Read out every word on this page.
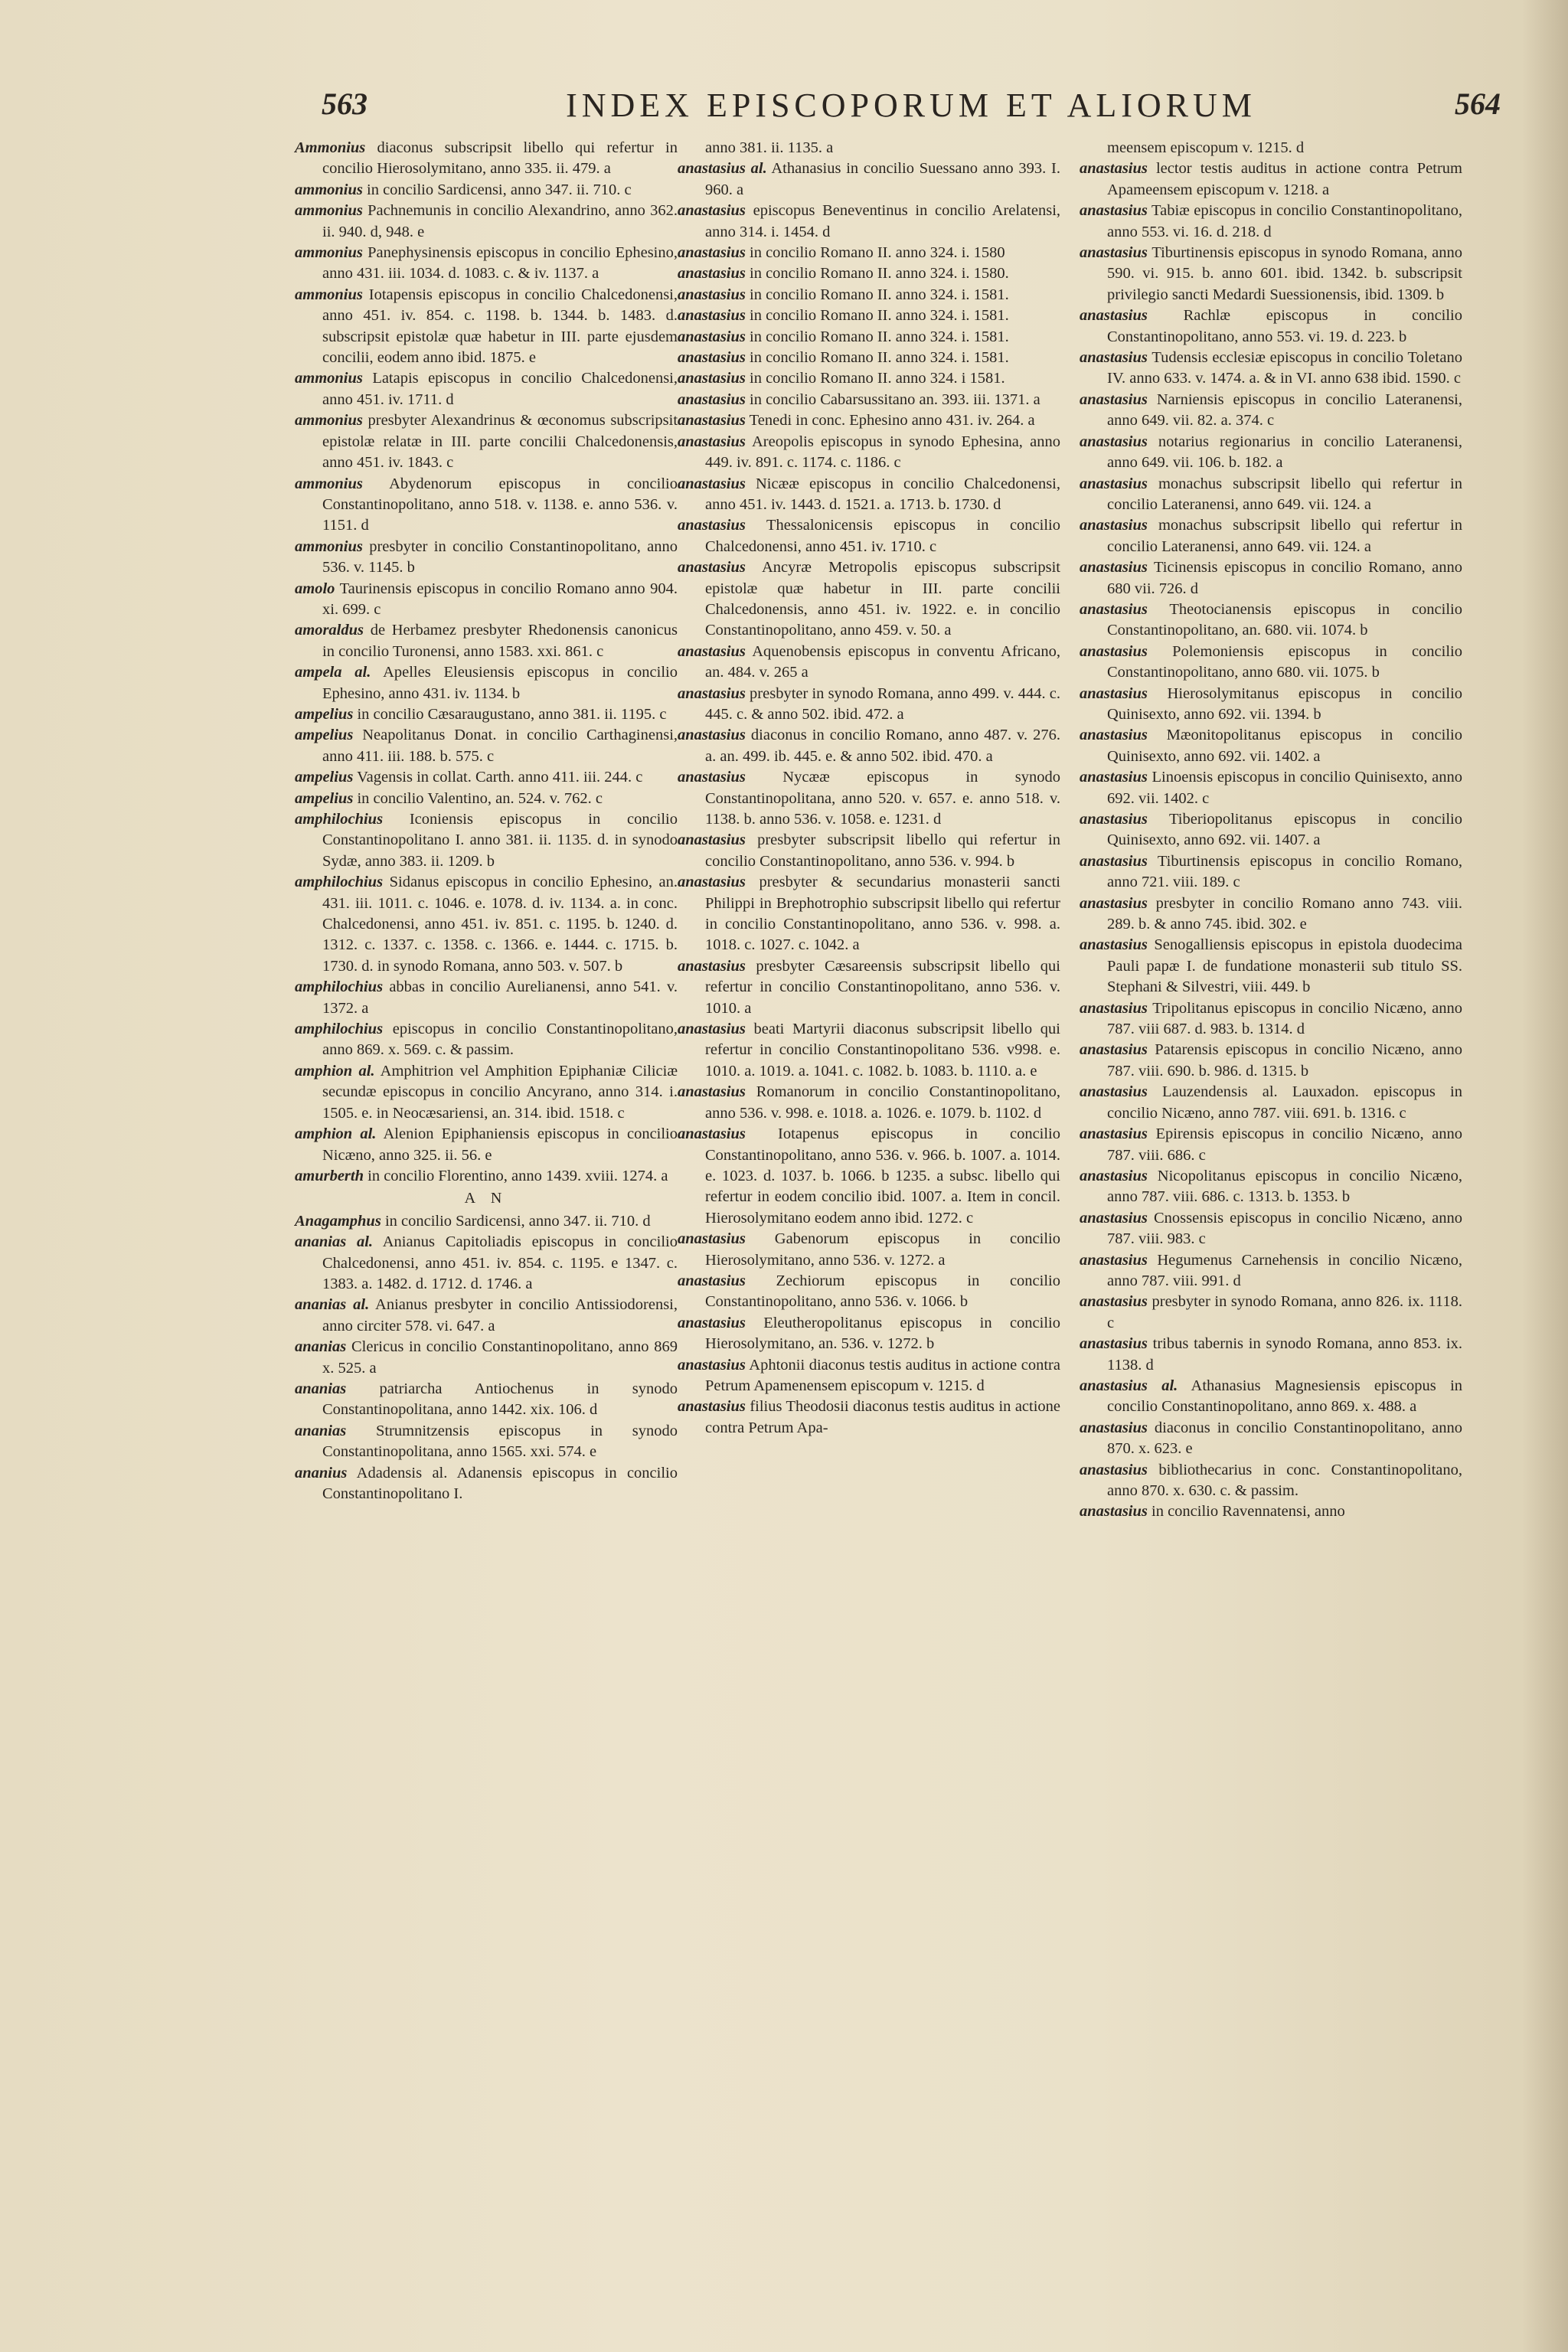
563	INDEX EPISCOPORUM ET ALIORUM	564

Ammonius diaconus subscripsit libello qui refertur in concilio Hierosolymitano, anno 335. ii. 479. a

ammonius in concilio Sardicensi, anno 347. ii. 710. c

ammonius Pachnemunis in concilio Alexandrino, anno 362. ii. 940. d, 948. e

ammonius Panephysinensis episcopus in concilio Ephesino, anno 431. iii. 1034. d. 1083. c. & iv. 1137. a

ammonius Iotapensis episcopus in concilio Chalcedonensi, anno 451. iv. 854. c. 1198. b. 1344. b. 1483. d. subscripsit epistolæ quæ habetur in III. parte ejusdem concilii, eodem anno ibid. 1875. e

ammonius Latapis episcopus in concilio Chalcedonensi, anno 451. iv. 1711. d

ammonius presbyter Alexandrinus & œconomus subscripsit epistolæ relatæ in III. parte concilii Chalcedonensis, anno 451. iv. 1843. c

ammonius Abydenorum episcopus in concilio Constantinopolitano, anno 518. v. 1138. e. anno 536. v. 1151. d

ammonius presbyter in concilio Constantinopolitano, anno 536. v. 1145. b

amolo Taurinensis episcopus in concilio Romano anno 904. xi. 699. c

amoraldus de Herbamez presbyter Rhedonensis canonicus in concilio Turonensi, anno 1583. xxi. 861. c

ampela al. Apelles Eleusiensis episcopus in concilio Ephesino, anno 431. iv. 1134. b

ampelius in concilio Cæsaraugustano, anno 381. ii. 1195. c

ampelius Neapolitanus Donat. in concilio Carthaginensi, anno 411. iii. 188. b. 575. c

ampelius Vagensis in collat. Carth. anno 411. iii. 244. c

ampelius in concilio Valentino, an. 524. v. 762. c

amphilochius Iconiensis episcopus in concilio Constantinopolitano I. anno 381. ii. 1135. d. in synodo Sydæ, anno 383. ii. 1209. b

amphilochius Sidanus episcopus in concilio Ephesino, an. 431. iii. 1011. c. 1046. e. 1078. d. iv. 1134. a. in conc. Chalcedonensi, anno 451. iv. 851. c. 1195. b. 1240. d. 1312. c. 1337. c. 1358. c. 1366. e. 1444. c. 1715. b. 1730. d. in synodo Romana, anno 503. v. 507. b

amphilochius abbas in concilio Aurelianensi, anno 541. v. 1372. a

amphilochius episcopus in concilio Constantinopolitano, anno 869. x. 569. c. & passim.

amphion al. Amphitrion vel Amphition Epiphaniæ Ciliciæ secundæ episcopus in concilio Ancyrano, anno 314. i. 1505. e. in Neocæsariensi, an. 314. ibid. 1518. c

amphion al. Alenion Epiphaniensis episcopus in concilio Nicæno, anno 325. ii. 56. e

amurberth in concilio Florentino, anno 1439. xviii. 1274. a

A N

Anagamphus in concilio Sardicensi, anno 347. ii. 710. d

ananias al. Anianus Capitoliadis episcopus in concilio Chalcedonensi, anno 451. iv. 854. c. 1195. e 1347. c. 1383. a. 1482. d. 1712. d. 1746. a

ananias al. Anianus presbyter in concilio Antissiodorensi, anno circiter 578. vi. 647. a

ananias Clericus in concilio Constantinopolitano, anno 869 x. 525. a

ananias patriarcha Antiochenus in synodo Constantinopolitana, anno 1442. xix. 106. d

ananias Strumnitzensis episcopus in synodo Constantinopolitana, anno 1565. xxi. 574. e

ananius Adadensis al. Adanensis episcopus in concilio Constantinopolitano I.

anno 381. ii. 1135. a

anastasius al. Athanasius in concilio Suessano anno 393. I. 960. a

anastasius episcopus Beneventinus in concilio Arelatensi, anno 314. i. 1454. d

anastasius in concilio Romano II. anno 324. i. 1580

anastasius in concilio Romano II. anno 324. i. 1580.

anastasius in concilio Romano II. anno 324. i. 1581.

anastasius in concilio Romano II. anno 324. i. 1581.

anastasius in concilio Romano II. anno 324. i. 1581.

anastasius in concilio Romano II. anno 324. i. 1581.

anastasius in concilio Romano II. anno 324. i 1581.

anastasius in concilio Cabarsussitano an. 393. iii. 1371. a

anastasius Tenedi in conc. Ephesino anno 431. iv. 264. a

anastasius Areopolis episcopus in synodo Ephesina, anno 449. iv. 891. c. 1174. c. 1186. c

anastasius Nicææ episcopus in concilio Chalcedonensi, anno 451. iv. 1443. d. 1521. a. 1713. b. 1730. d

anastasius Thessalonicensis episcopus in concilio Chalcedonensi, anno 451. iv. 1710. c

anastasius Ancyræ Metropolis episcopus subscripsit epistolæ quæ habetur in III. parte concilii Chalcedonensis, anno 451. iv. 1922. e. in concilio Constantinopolitano, anno 459. v. 50. a

anastasius Aquenobensis episcopus in conventu Africano, an. 484. v. 265 a

anastasius presbyter in synodo Romana, anno 499. v. 444. c. 445. c. & anno 502. ibid. 472. a

anastasius diaconus in concilio Romano, anno 487. v. 276. a. an. 499. ib. 445. e. & anno 502. ibid. 470. a

anastasius Nycææ episcopus in synodo Constantinopolitana, anno 520. v. 657. e. anno 518. v. 1138. b. anno 536. v. 1058. e. 1231. d

anastasius presbyter subscripsit libello qui refertur in concilio Constantinopolitano, anno 536. v. 994. b

anastasius presbyter & secundarius monasterii sancti Philippi in Brephotrophio subscripsit libello qui refertur in concilio Constantinopolitano, anno 536. v. 998. a. 1018. c. 1027. c. 1042. a

anastasius presbyter Cæsareensis subscripsit libello qui refertur in concilio Constantinopolitano, anno 536. v. 1010. a

anastasius beati Martyrii diaconus subscripsit libello qui refertur in concilio Constantinopolitano 536. v998. e. 1010. a. 1019. a. 1041. c. 1082. b. 1083. b. 1110. a. e

anastasius Romanorum in concilio Constantinopolitano, anno 536. v. 998. e. 1018. a. 1026. e. 1079. b. 1102. d

anastasius Iotapenus episcopus in concilio Constantinopolitano, anno 536. v. 966. b. 1007. a. 1014. e. 1023. d. 1037. b. 1066. b 1235. a subsc. libello qui refertur in eodem concilio ibid. 1007. a. Item in concil. Hierosolymitano eodem anno ibid. 1272. c

anastasius Gabenorum episcopus in concilio Hierosolymitano, anno 536. v. 1272. a

anastasius Zechiorum episcopus in concilio Constantinopolitano, anno 536. v. 1066. b

anastasius Eleutheropolitanus episcopus in concilio Hierosolymitano, an. 536. v. 1272. b

anastasius Aphtonii diaconus testis auditus in actione contra Petrum Apamenensem episcopum v. 1215. d

anastasius filius Theodosii diaconus testis auditus in actione contra Petrum Apa-

meensem episcopum v. 1215. d

anastasius lector testis auditus in actione contra Petrum Apameensem episcopum v. 1218. a

anastasius Tabiæ episcopus in concilio Constantinopolitano, anno 553. vi. 16. d. 218. d

anastasius Tiburtinensis episcopus in synodo Romana, anno 590. vi. 915. b. anno 601. ibid. 1342. b. subscripsit privilegio sancti Medardi Suessionensis, ibid. 1309. b

anastasius Rachlæ episcopus in concilio Constantinopolitano, anno 553. vi. 19. d. 223. b

anastasius Tudensis ecclesiæ episcopus in concilio Toletano IV. anno 633. v. 1474. a. & in VI. anno 638 ibid. 1590. c

anastasius Narniensis episcopus in concilio Lateranensi, anno 649. vii. 82. a. 374. c

anastasius notarius regionarius in concilio Lateranensi, anno 649. vii. 106. b. 182. a

anastasius monachus subscripsit libello qui refertur in concilio Lateranensi, anno 649. vii. 124. a

anastasius monachus subscripsit libello qui refertur in concilio Lateranensi, anno 649. vii. 124. a

anastasius Ticinensis episcopus in concilio Romano, anno 680 vii. 726. d

anastasius Theotocianensis episcopus in concilio Constantinopolitano, an. 680. vii. 1074. b

anastasius Polemoniensis episcopus in concilio Constantinopolitano, anno 680. vii. 1075. b

anastasius Hierosolymitanus episcopus in concilio Quinisexto, anno 692. vii. 1394. b

anastasius Mæonitopolitanus episcopus in concilio Quinisexto, anno 692. vii. 1402. a

anastasius Linoensis episcopus in concilio Quinisexto, anno 692. vii. 1402. c

anastasius Tiberiopolitanus episcopus in concilio Quinisexto, anno 692. vii. 1407. a

anastasius Tiburtinensis episcopus in concilio Romano, anno 721. viii. 189. c

anastasius presbyter in concilio Romano anno 743. viii. 289. b. & anno 745. ibid. 302. e

anastasius Senogalliensis episcopus in epistola duodecima Pauli papæ I. de fundatione monasterii sub titulo SS. Stephani & Silvestri, viii. 449. b

anastasius Tripolitanus episcopus in concilio Nicæno, anno 787. viii 687. d. 983. b. 1314. d

anastasius Patarensis episcopus in concilio Nicæno, anno 787. viii. 690. b. 986. d. 1315. b

anastasius Lauzendensis al. Lauxadon. episcopus in concilio Nicæno, anno 787. viii. 691. b. 1316. c

anastasius Epirensis episcopus in concilio Nicæno, anno 787. viii. 686. c

anastasius Nicopolitanus episcopus in concilio Nicæno, anno 787. viii. 686. c. 1313. b. 1353. b

anastasius Cnossensis episcopus in concilio Nicæno, anno 787. viii. 983. c

anastasius Hegumenus Carnehensis in concilio Nicæno, anno 787. viii. 991. d

anastasius presbyter in synodo Romana, anno 826. ix. 1118. c

anastasius tribus tabernis in synodo Romana, anno 853. ix. 1138. d

anastasius al. Athanasius Magnesiensis episcopus in concilio Constantinopolitano, anno 869. x. 488. a

anastasius diaconus in concilio Constantinopolitano, anno 870. x. 623. e

anastasius bibliothecarius in conc. Constantinopolitano, anno 870. x. 630. c. & passim.

anastasius in concilio Ravennatensi, anno
